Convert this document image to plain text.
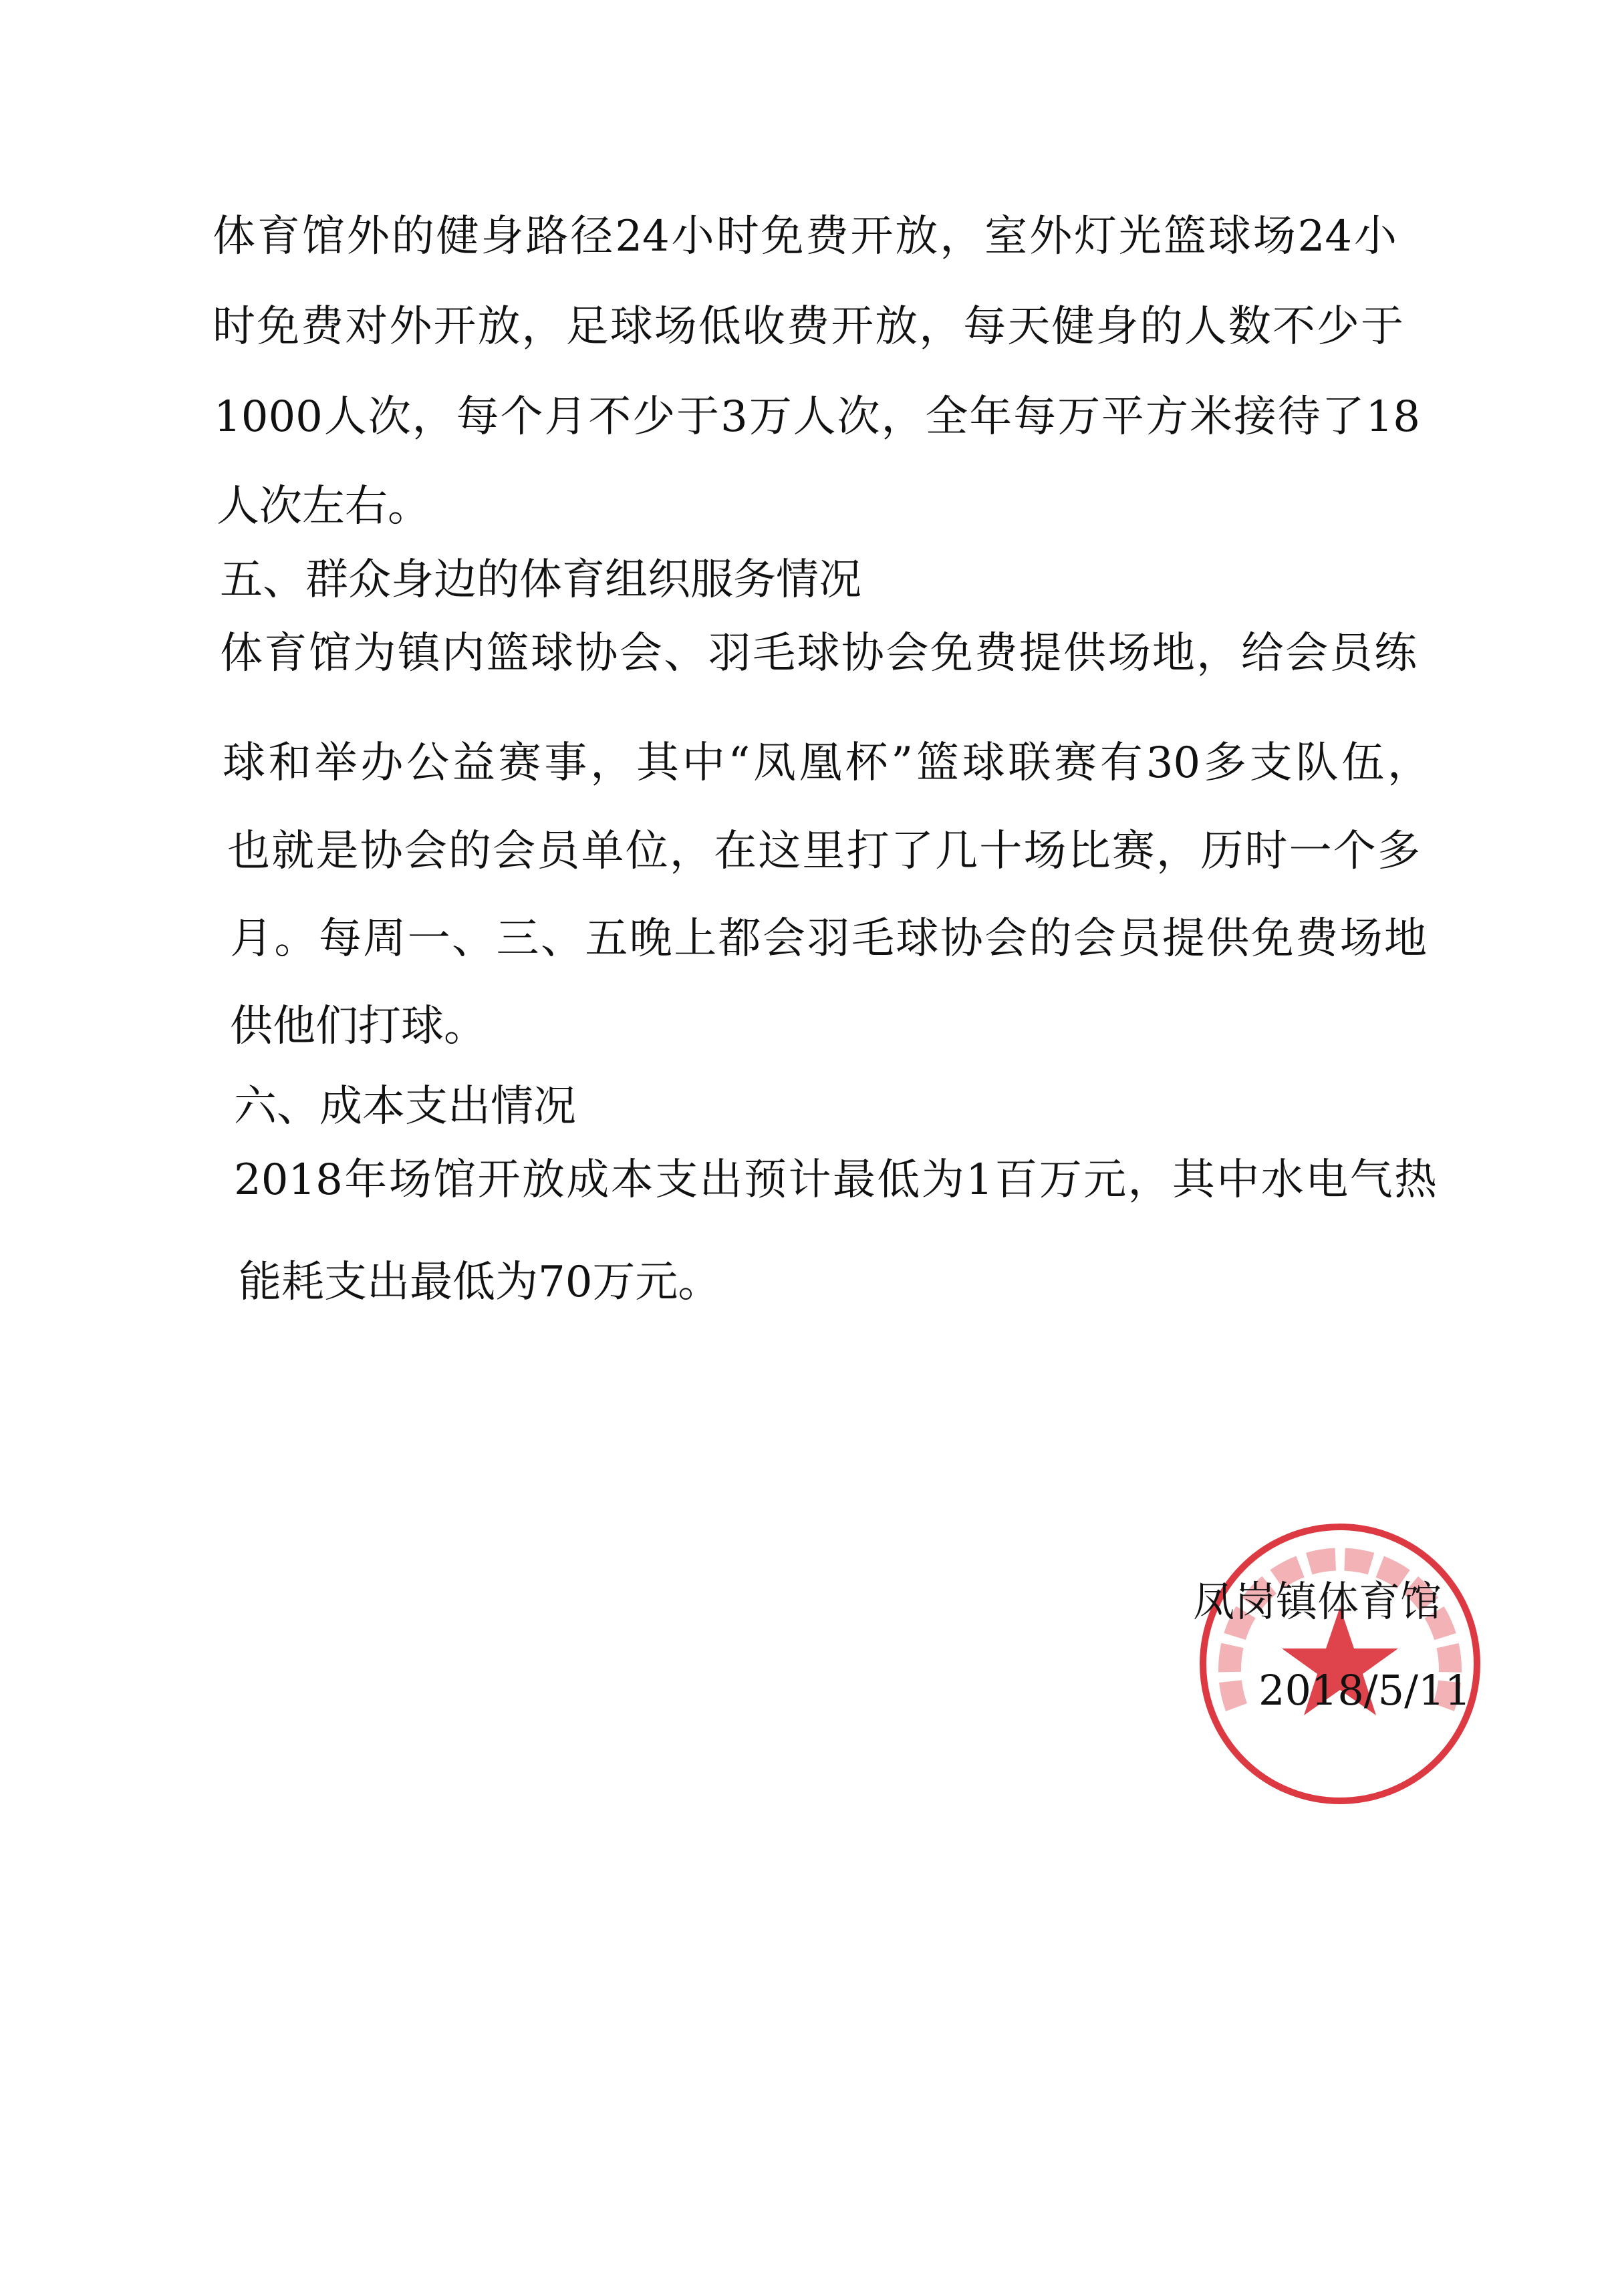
体育馆外的健身路径24小时免费开放，室外灯光篮球场24小
时免费对外开放，足球场低收费开放，每天健身的人数不少于
1000人次，每个月不少于3万人次，全年每万平方米接待了18
人次左右。
五、群众身边的体育组织服务情况
体育馆为镇内篮球协会、羽毛球协会免费提供场地，给会员练
球和举办公益赛事，其中“凤凰杯”篮球联赛有30多支队伍，
也就是协会的会员单位，在这里打了几十场比赛，历时一个多
月。每周一、三、五晚上都会羽毛球协会的会员提供免费场地
供他们打球。
六、成本支出情况
2018年场馆开放成本支出预计最低为1百万元，其中水电气热
能耗支出最低为70万元。
凤岗镇体育馆
2018/5/11
